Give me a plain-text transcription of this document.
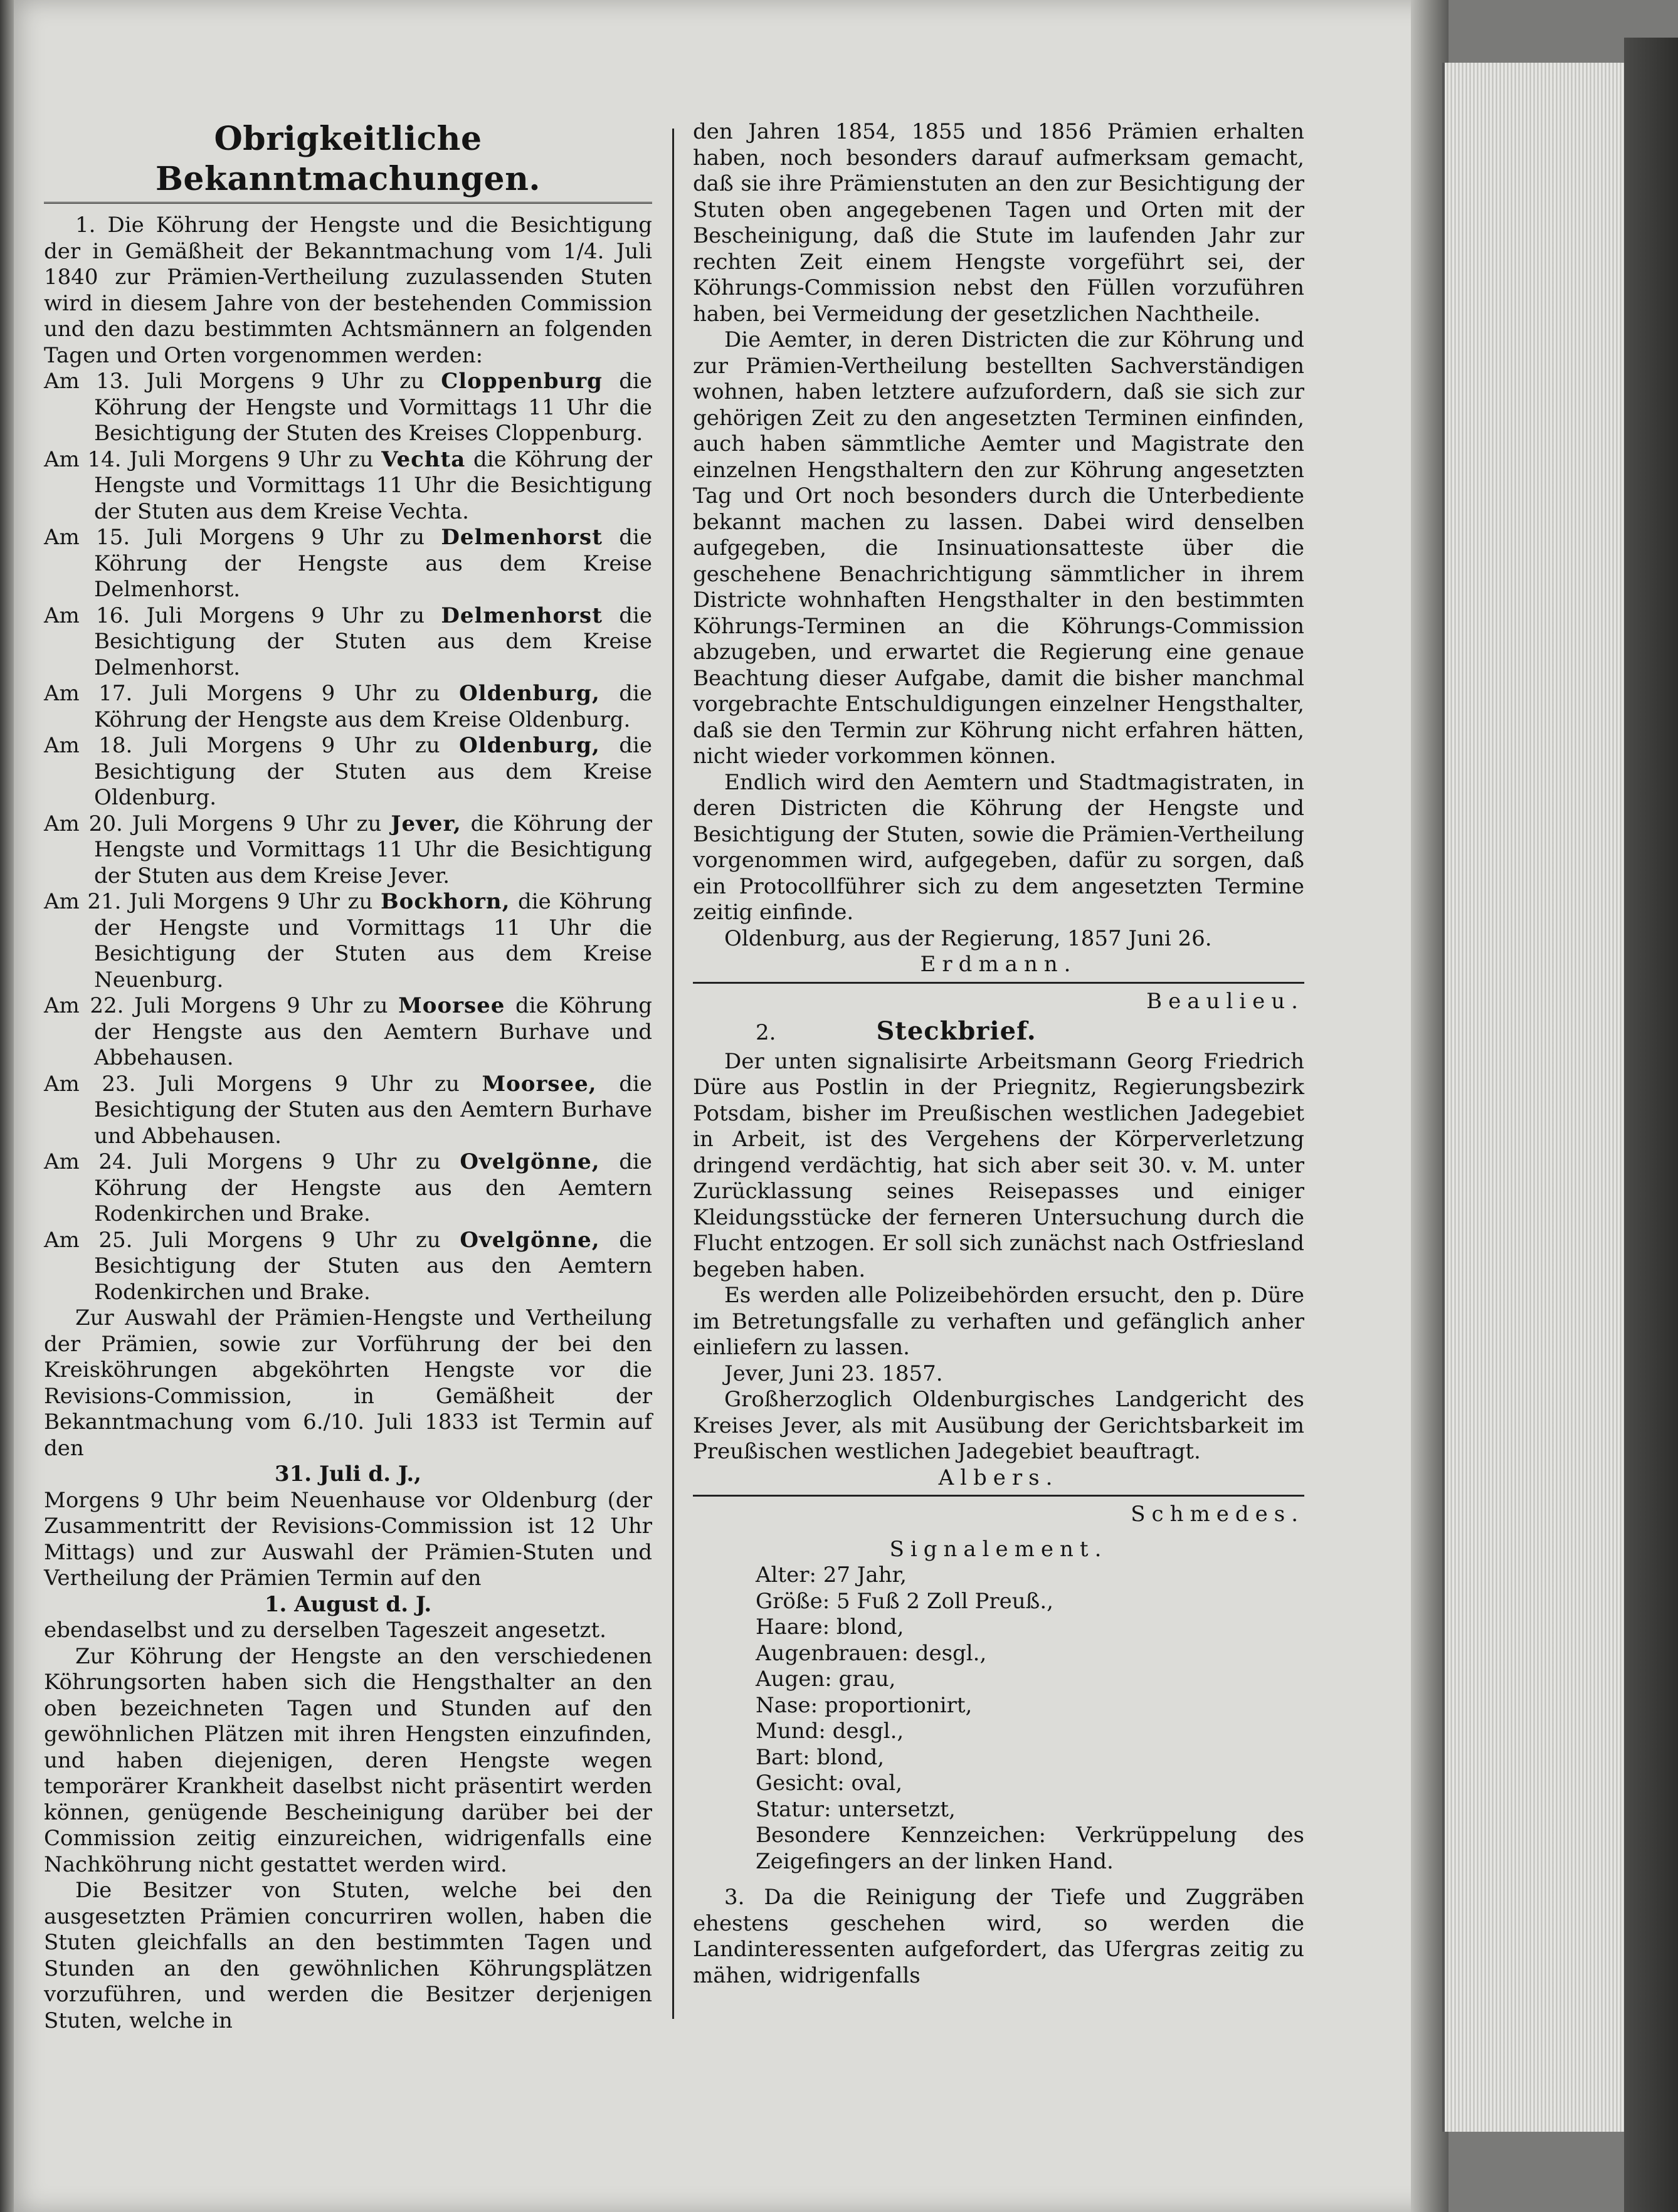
Obrigkeitliche Bekanntmachungen.

1. Die Köhrung der Hengste und die Besichtigung der in Gemäßheit der Bekanntmachung vom 1/4. Juli 1840 zur Prämien-Vertheilung zuzulassenden Stuten wird in diesem Jahre von der bestehenden Commission und den dazu bestimmten Achtsmännern an folgenden Tagen und Orten vorgenommen werden:

Am 13. Juli Morgens 9 Uhr zu Cloppenburg die Köhrung der Hengste und Vormittags 11 Uhr die Besichtigung der Stuten des Kreises Cloppenburg.

Am 14. Juli Morgens 9 Uhr zu Vechta die Köhrung der Hengste und Vormittags 11 Uhr die Besichtigung der Stuten aus dem Kreise Vechta.

Am 15. Juli Morgens 9 Uhr zu Delmenhorst die Köhrung der Hengste aus dem Kreise Delmenhorst.

Am 16. Juli Morgens 9 Uhr zu Delmenhorst die Besichtigung der Stuten aus dem Kreise Delmenhorst.

Am 17. Juli Morgens 9 Uhr zu Oldenburg, die Köhrung der Hengste aus dem Kreise Oldenburg.

Am 18. Juli Morgens 9 Uhr zu Oldenburg, die Besichtigung der Stuten aus dem Kreise Oldenburg.

Am 20. Juli Morgens 9 Uhr zu Jever, die Köhrung der Hengste und Vormittags 11 Uhr die Besichtigung der Stuten aus dem Kreise Jever.

Am 21. Juli Morgens 9 Uhr zu Bockhorn, die Köhrung der Hengste und Vormittags 11 Uhr die Besichtigung der Stuten aus dem Kreise Neuenburg.

Am 22. Juli Morgens 9 Uhr zu Moorsee die Köhrung der Hengste aus den Aemtern Burhave und Abbehausen.

Am 23. Juli Morgens 9 Uhr zu Moorsee, die Besichtigung der Stuten aus den Aemtern Burhave und Abbehausen.

Am 24. Juli Morgens 9 Uhr zu Ovelgönne, die Köhrung der Hengste aus den Aemtern Rodenkirchen und Brake.

Am 25. Juli Morgens 9 Uhr zu Ovelgönne, die Besichtigung der Stuten aus den Aemtern Rodenkirchen und Brake.

Zur Auswahl der Prämien-Hengste und Vertheilung der Prämien, sowie zur Vorführung der bei den Kreisköhrungen abgeköhrten Hengste vor die Revisions-Commission, in Gemäßheit der Bekanntmachung vom 6./10. Juli 1833 ist Termin auf den

31. Juli d. J.,

Morgens 9 Uhr beim Neuenhause vor Oldenburg (der Zusammentritt der Revisions-Commission ist 12 Uhr Mittags) und zur Auswahl der Prämien-Stuten und Vertheilung der Prämien Termin auf den

1. August d. J.

ebendaselbst und zu derselben Tageszeit angesetzt.

Zur Köhrung der Hengste an den verschiedenen Köhrungsorten haben sich die Hengsthalter an den oben bezeichneten Tagen und Stunden auf den gewöhnlichen Plätzen mit ihren Hengsten einzufinden, und haben diejenigen, deren Hengste wegen temporärer Krankheit daselbst nicht präsentirt werden können, genügende Bescheinigung darüber bei der Commission zeitig einzureichen, widrigenfalls eine Nachköhrung nicht gestattet werden wird.

Die Besitzer von Stuten, welche bei den ausgesetzten Prämien concurriren wollen, haben die Stuten gleichfalls an den bestimmten Tagen und Stunden an den gewöhnlichen Köhrungsplätzen vorzuführen, und werden die Besitzer derjenigen Stuten, welche in

den Jahren 1854, 1855 und 1856 Prämien erhalten haben, noch besonders darauf aufmerksam gemacht, daß sie ihre Prämienstuten an den zur Besichtigung der Stuten oben angegebenen Tagen und Orten mit der Bescheinigung, daß die Stute im laufenden Jahr zur rechten Zeit einem Hengste vorgeführt sei, der Köhrungs-Commission nebst den Füllen vorzuführen haben, bei Vermeidung der gesetzlichen Nachtheile.

Die Aemter, in deren Districten die zur Köhrung und zur Prämien-Vertheilung bestellten Sachverständigen wohnen, haben letztere aufzufordern, daß sie sich zur gehörigen Zeit zu den angesetzten Terminen einfinden, auch haben sämmtliche Aemter und Magistrate den einzelnen Hengsthaltern den zur Köhrung angesetzten Tag und Ort noch besonders durch die Unterbediente bekannt machen zu lassen. Dabei wird denselben aufgegeben, die Insinuationsatteste über die geschehene Benachrichtigung sämmtlicher in ihrem Districte wohnhaften Hengsthalter in den bestimmten Köhrungs-Terminen an die Köhrungs-Commission abzugeben, und erwartet die Regierung eine genaue Beachtung dieser Aufgabe, damit die bisher manchmal vorgebrachte Entschuldigungen einzelner Hengsthalter, daß sie den Termin zur Köhrung nicht erfahren hätten, nicht wieder vorkommen können.

Endlich wird den Aemtern und Stadtmagistraten, in deren Districten die Köhrung der Hengste und Besichtigung der Stuten, sowie die Prämien-Vertheilung vorgenommen wird, aufgegeben, dafür zu sorgen, daß ein Protocollführer sich zu dem angesetzten Termine zeitig einfinde.

Oldenburg, aus der Regierung, 1857 Juni 26.

Erdmann.

Beaulieu.

2.	Steckbrief.

Der unten signalisirte Arbeitsmann Georg Friedrich Düre aus Postlin in der Priegnitz, Regierungsbezirk Potsdam, bisher im Preußischen westlichen Jadegebiet in Arbeit, ist des Vergehens der Körperverletzung dringend verdächtig, hat sich aber seit 30. v. M. unter Zurücklassung seines Reisepasses und einiger Kleidungsstücke der ferneren Untersuchung durch die Flucht entzogen. Er soll sich zunächst nach Ostfriesland begeben haben.

Es werden alle Polizeibehörden ersucht, den p. Düre im Betretungsfalle zu verhaften und gefänglich anher einliefern zu lassen.

Jever, Juni 23. 1857.

Großherzoglich Oldenburgisches Landgericht des Kreises Jever, als mit Ausübung der Gerichtsbarkeit im Preußischen westlichen Jadegebiet beauftragt.

Albers.

Schmedes.

Signalement.

Alter: 27 Jahr,

Größe: 5 Fuß 2 Zoll Preuß.,

Haare: blond,

Augenbrauen: desgl.,

Augen: grau,

Nase: proportionirt,

Mund: desgl.,

Bart: blond,

Gesicht: oval,

Statur: untersetzt,

Besondere Kennzeichen: Verkrüppelung des Zeigefingers an der linken Hand.

3. Da die Reinigung der Tiefe und Zuggräben ehestens geschehen wird, so werden die Landinteressenten aufgefordert, das Ufergras zeitig zu mähen, widrigenfalls
